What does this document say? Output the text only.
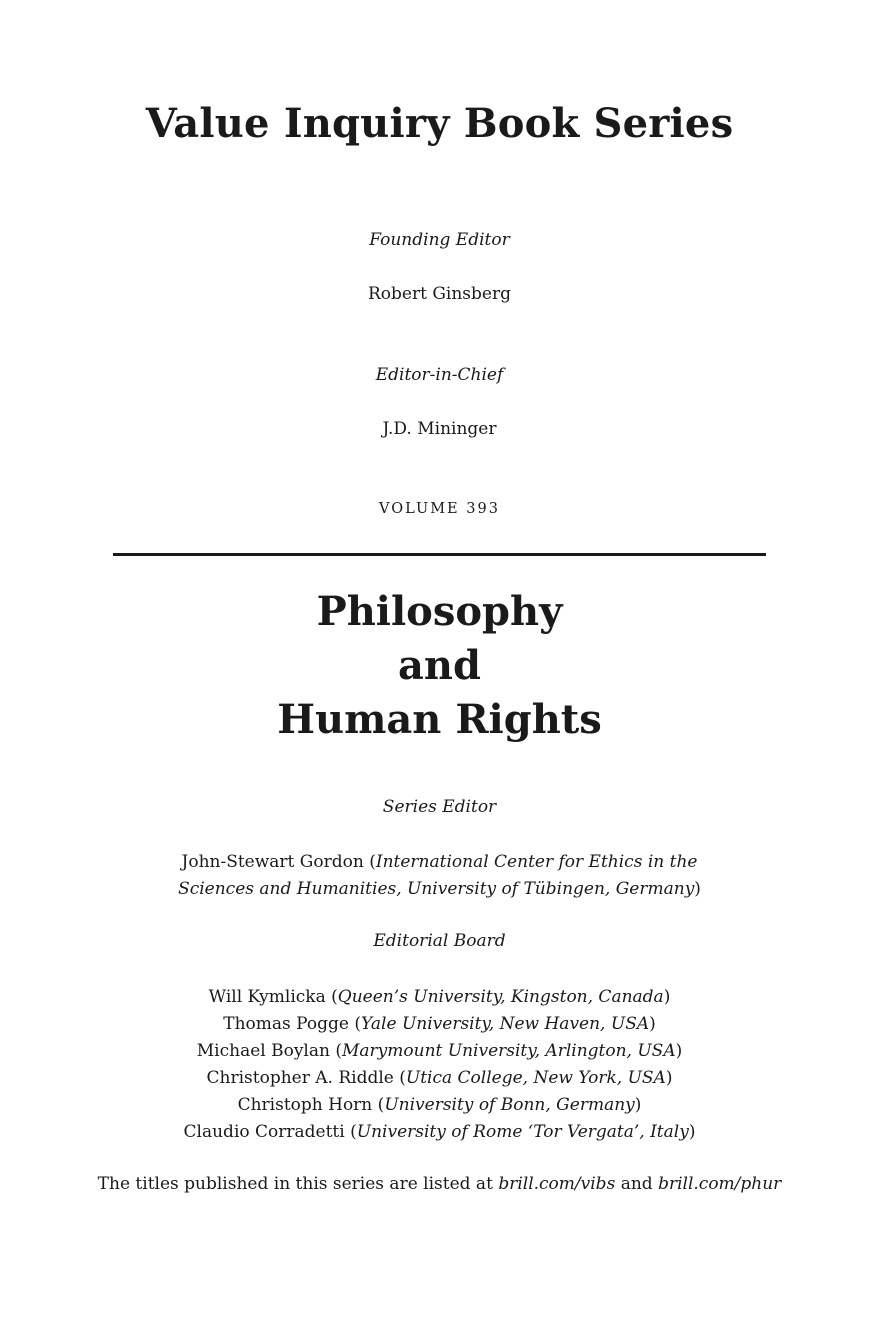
Value Inquiry Book Series
Founding Editor
Robert Ginsberg
Editor-in-Chief
J.D. Mininger
VOLUME 393
Philosophy
and
Human Rights
Series Editor
John-Stewart Gordon (International Center for Ethics in the
Sciences and Humanities, University of Tübingen, Germany)
Editorial Board
Will Kymlicka (Queen’s University, Kingston, Canada)
Thomas Pogge (Yale University, New Haven, USA)
Michael Boylan (Marymount University, Arlington, USA)
Christopher A. Riddle (Utica College, New York, USA)
Christoph Horn (University of Bonn, Germany)
Claudio Corradetti (University of Rome ‘Tor Vergata’, Italy)
The titles published in this series are listed at brill.com/vibs and brill.com/phur
